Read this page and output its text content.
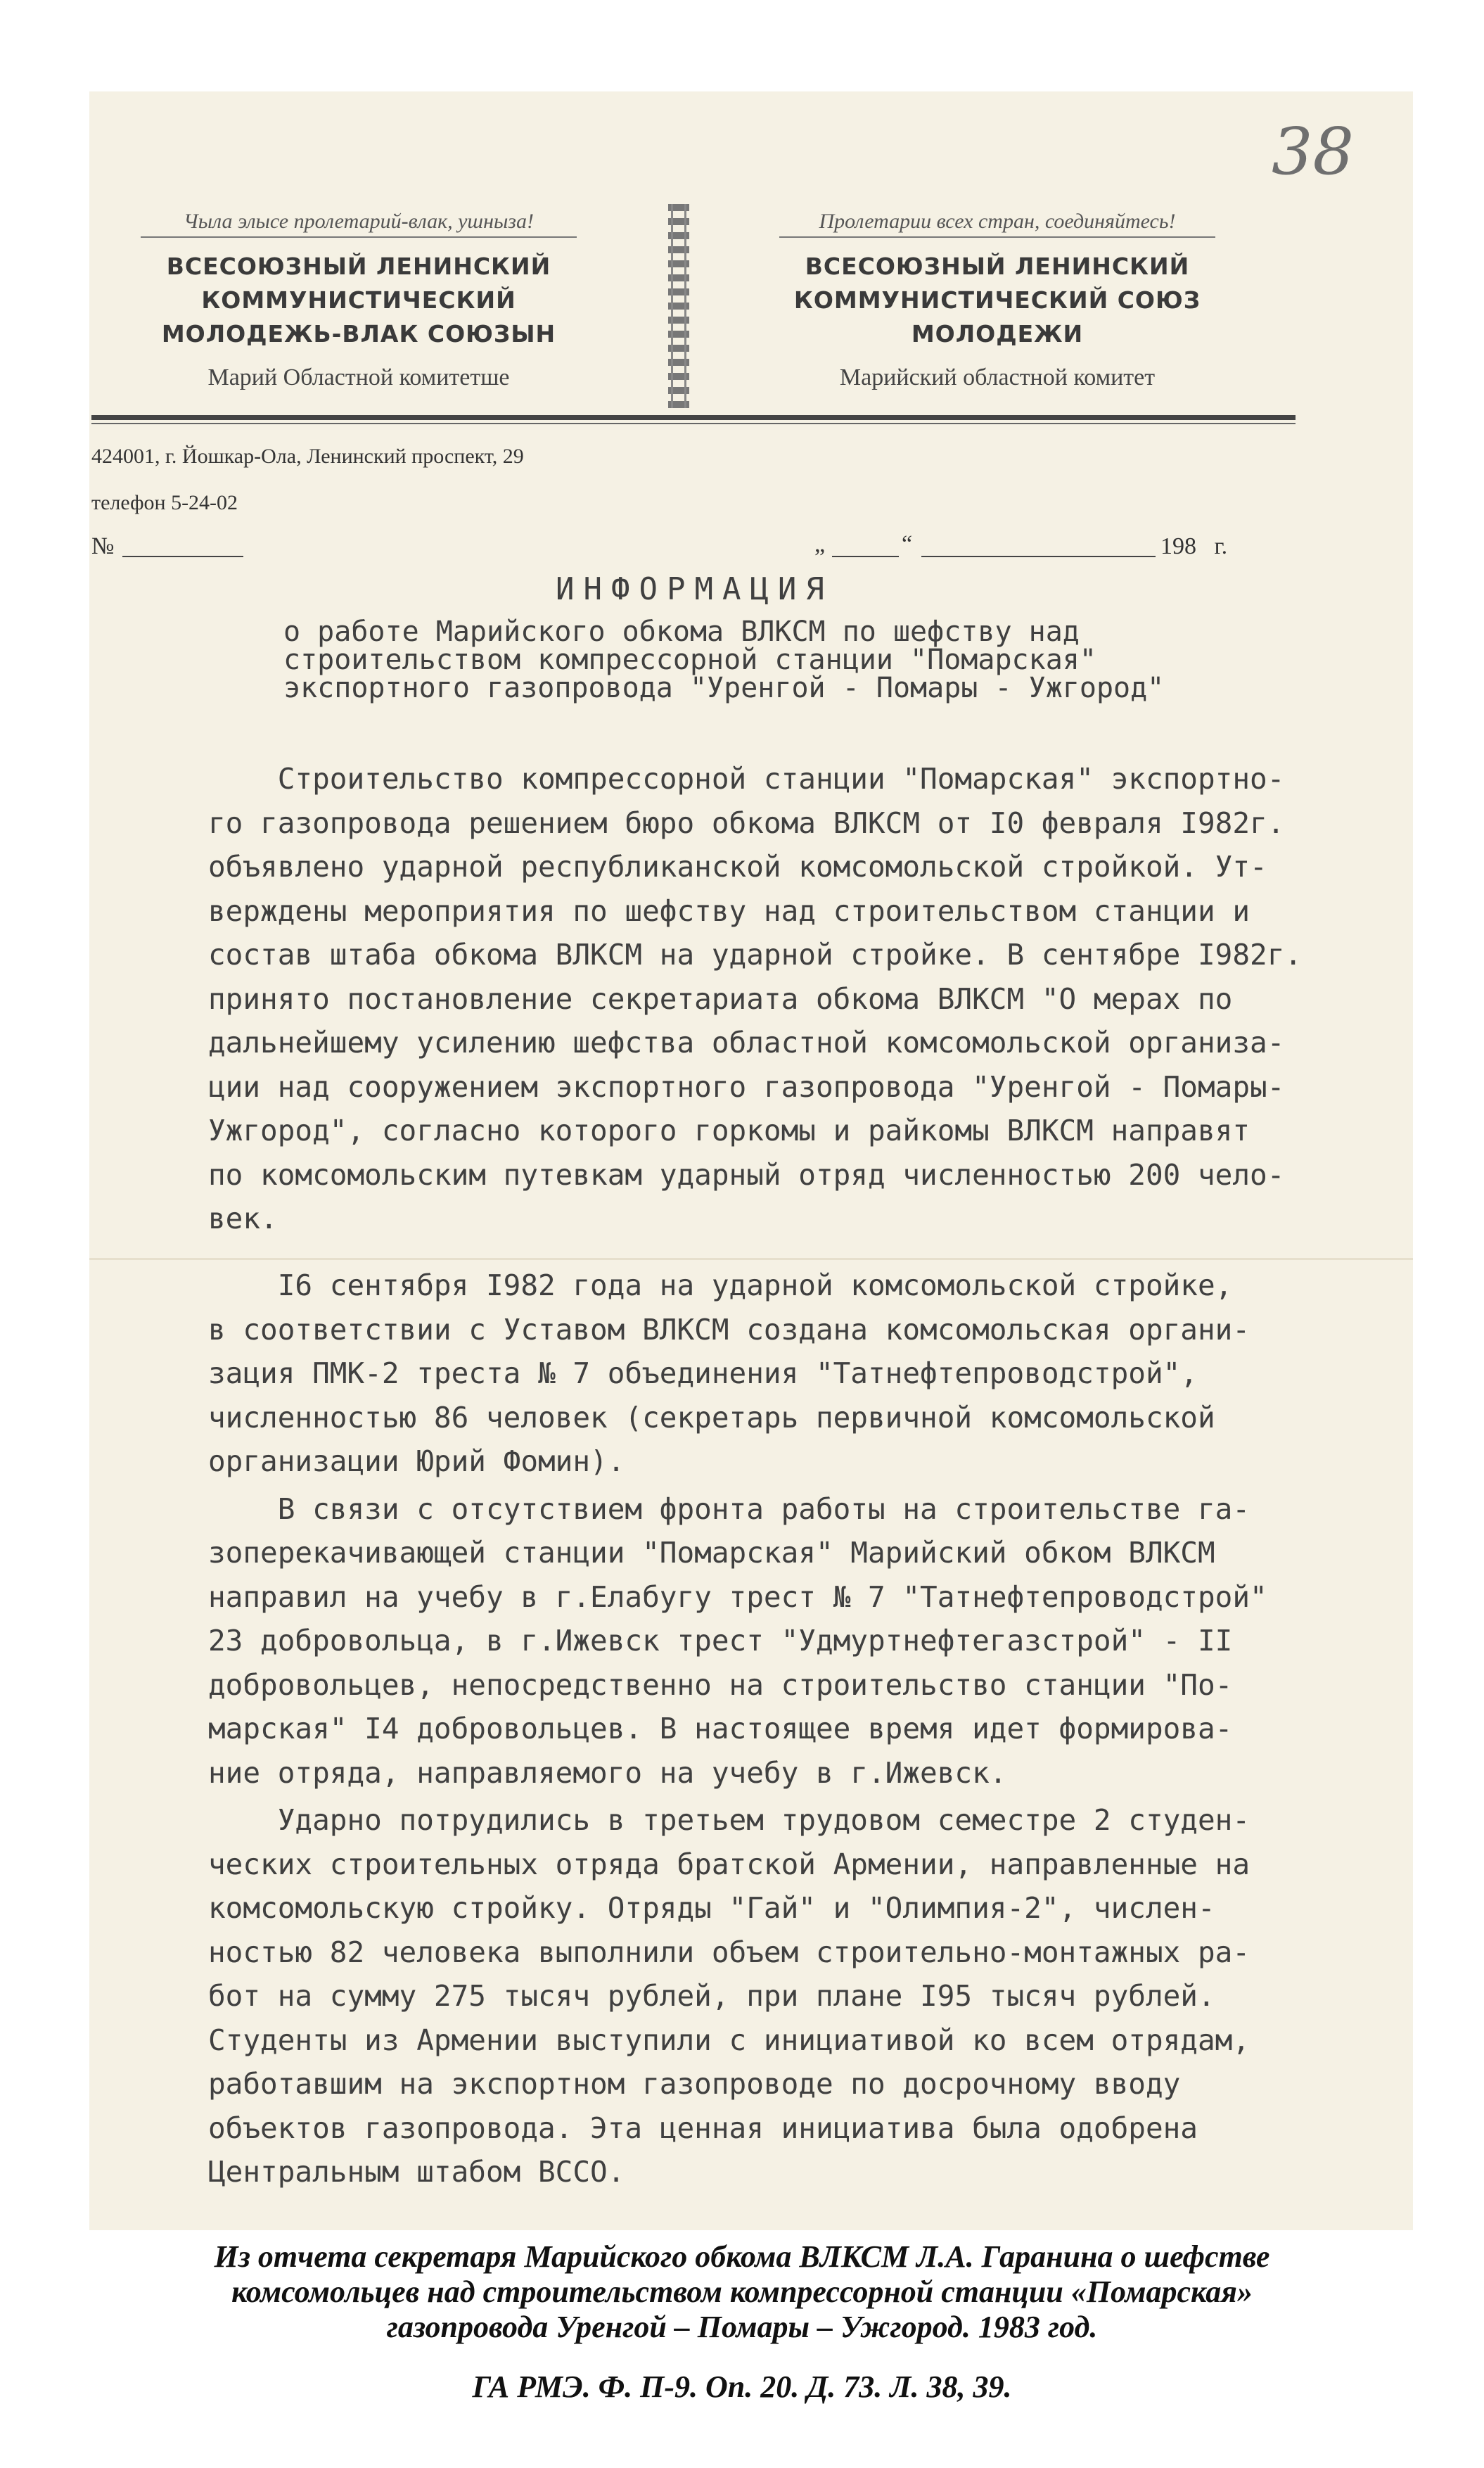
38
Чыла элысе пролетарий-влак, ушныза!
ВСЕСОЮЗНЫЙ ЛЕНИНСКИЙ
КОММУНИСТИЧЕСКИЙ
МОЛОДЕЖЬ-ВЛАК СОЮЗЫН
Марий Областной комитетше
Пролетарии всех стран, соединяйтесь!
ВСЕСОЮЗНЫЙ ЛЕНИНСКИЙ
КОММУНИСТИЧЕСКИЙ СОЮЗ
МОЛОДЕЖИ
Марийский областной комитет
424001, г. Йошкар-Ола, Ленинский проспект, 29
телефон 5-24-02
№	„	“	198   г.
ИНФОРМАЦИЯ
о работе Марийского обкома ВЛКСМ по шефству над
строительством компрессорной станции "Помарская"
экспортного газопровода "Уренгой - Помары - Ужгород"
Строительство компрессорной станции "Помарская" экспортно-
го газопровода решением бюро обкома ВЛКСМ от I0 февраля I982г.
объявлено ударной республиканской комсомольской стройкой. Ут-
верждены мероприятия по шефству над строительством станции и
состав штаба обкома ВЛКСМ на ударной стройке. В сентябре I982г.
принято постановление секретариата обкома ВЛКСМ "О мерах по
дальнейшему усилению шефства областной комсомольской организа-
ции над сооружением экспортного газопровода "Уренгой - Помары-
Ужгород", согласно которого горкомы и райкомы ВЛКСМ направят
по комсомольским путевкам ударный отряд численностью 200 чело-
век.
I6 сентября I982 года на ударной комсомольской стройке,
в соответствии с Уставом ВЛКСМ создана комсомольская органи-
зация ПМК-2 треста № 7 объединения "Татнефтепроводстрой",
численностью 86 человек (секретарь первичной комсомольской
организации Юрий Фомин).
В связи с отсутствием фронта работы на строительстве га-
зоперекачивающей станции "Помарская" Марийский обком ВЛКСМ
направил на учебу в г.Елабугу трест № 7 "Татнефтепроводстрой"
23 добровольца, в г.Ижевск трест "Удмуртнефтегазстрой" - II
добровольцев, непосредственно на строительство станции "По-
марская" I4 добровольцев. В настоящее время идет формирова-
ние отряда, направляемого на учебу в г.Ижевск.
Ударно потрудились в третьем трудовом семестре 2 студен-
ческих строительных отряда братской Армении, направленные на
комсомольскую стройку. Отряды "Гай" и "Олимпия-2", числен-
ностью 82 человека выполнили объем строительно-монтажных ра-
бот на сумму 275 тысяч рублей, при плане I95 тысяч рублей.
Студенты из Армении выступили с инициативой ко всем отрядам,
работавшим на экспортном газопроводе по досрочному вводу
объектов газопровода. Эта ценная инициатива была одобрена
Центральным штабом ВССО.
Из отчета секретаря Марийского обкома ВЛКСМ Л.А. Гаранина о шефстве
комсомольцев над строительством компрессорной станции «Помарская»
газопровода Уренгой – Помары – Ужгород. 1983 год.
ГА РМЭ. Ф. П-9. Оп. 20. Д. 73. Л. 38, 39.
